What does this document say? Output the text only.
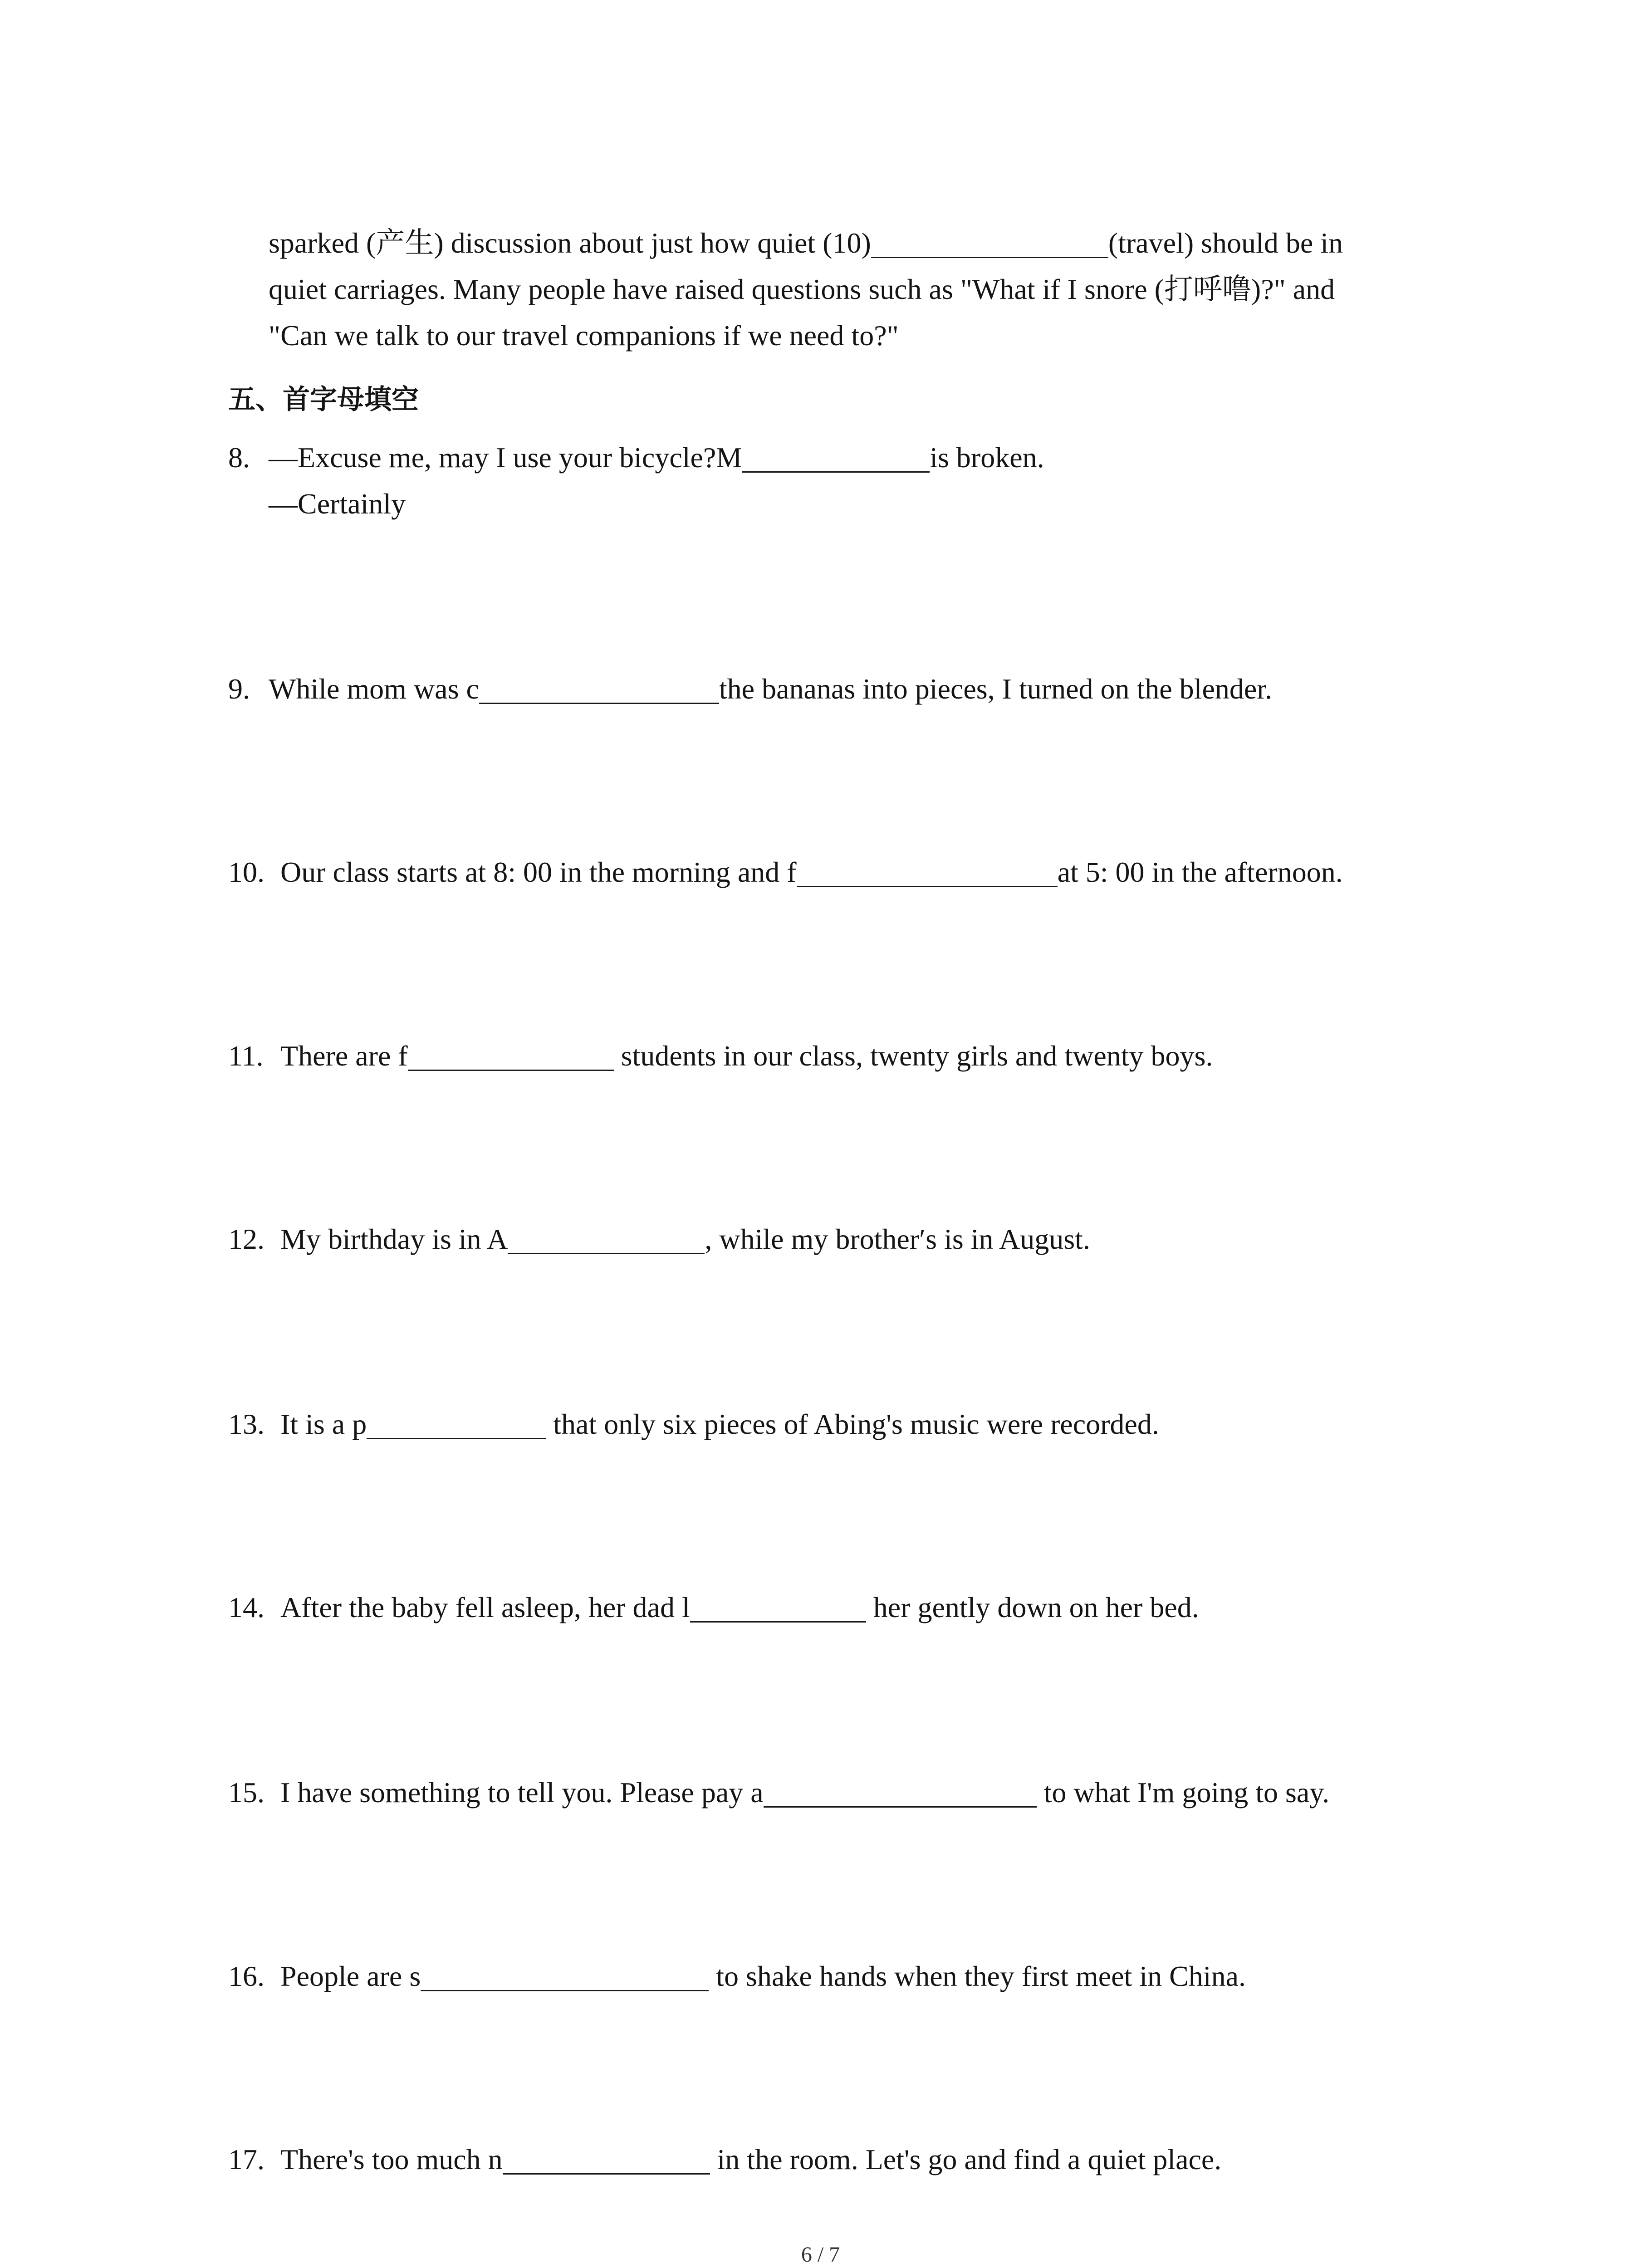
sparked (产生) discussion about just how quiet (10)	(travel) should be in
quiet carriages. Many people have raised questions such as "What if I snore (打呼噜)?" and
"Can we talk to our travel companions if we need to?"
五、首字母填空
8. —Excuse me, may I use your bicycle?M	is broken.
—Certainly
9. While mom was c	the bananas into pieces, I turned on the blender.
10. Our class starts at 8: 00 in the morning and f	at 5: 00 in the afternoon.
11. There are f	students in our class, twenty girls and twenty boys.
12. My birthday is in A	, while my brother′s is in August.
13. It is a p	that only six pieces of Abing's music were recorded.
14. After the baby fell asleep, her dad l	her gently down on her bed.
15. I have something to tell you. Please pay a	to what I'm going to say.
16. People are s	to shake hands when they first meet in China.
17. There's too much n	in the room. Let's go and find a quiet place.
6 / 7
